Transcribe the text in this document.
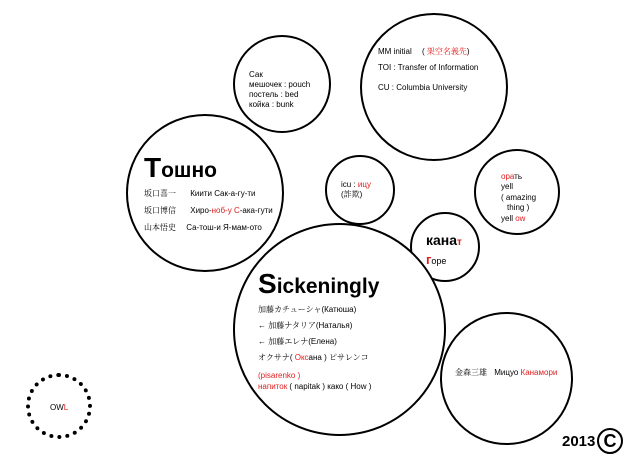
Сак
мешочек : pouch
постель : bed
койка : bunk
MM initial ( 架空名義先)
TOI : Transfer of Information
CU : Columbia University
Tошно
坂口喜一 Киити Сак-а-гу-ти
坂口博信 Хиро-ноб-у С-ака-гути
山本悟史 Са-тош-и Я-мам-ото
icu : ицу
(詐欺)
орать
yell
( amazing
thing )
yell ow
канат
гope
Sickeningly
加藤カチューシャ(Катюша)
← 加藤ナタリア(Наталья)
← 加藤エレナ(Елена)
オクサナ( Оксана ) ピサレンコ
(pisarenko )
напиток ( napitak ) како ( How )
金森三雄 Мицуо Канамори
OWL
2013 C
